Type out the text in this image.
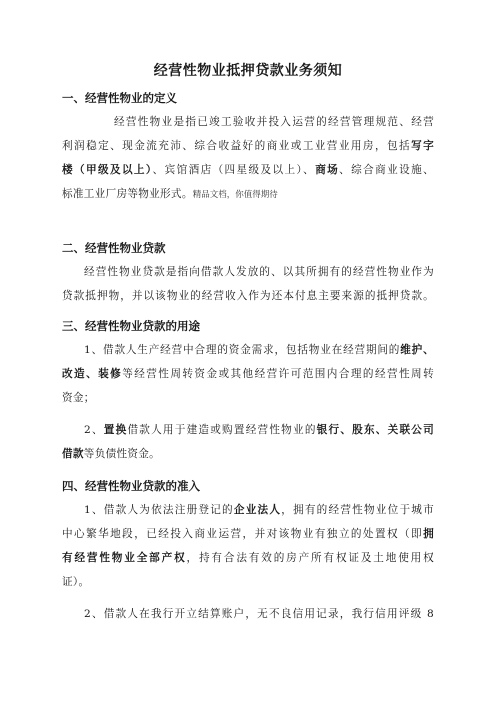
经营性物业抵押贷款业务须知
一、经营性物业的定义
经营性物业是指已竣工验收并投入运营的经营管理规范、经营
利润稳定、现金流充沛、综合收益好的商业或工业营业用房，包括写字
楼（甲级及以上）、宾馆酒店（四星级及以上）、商场、综合商业设施、
标准工业厂房等物业形式。精品文档，你值得期待
二、经营性物业贷款
经营性物业贷款是指向借款人发放的、以其所拥有的经营性物业作为
贷款抵押物，并以该物业的经营收入作为还本付息主要来源的抵押贷款。
三、经营性物业贷款的用途
1、借款人生产经营中合理的资金需求，包括物业在经营期间的维护、
改造、装修等经营性周转资金或其他经营许可范围内合理的经营性周转
资金；
2、置换借款人用于建造或购置经营性物业的银行、股东、关联公司
借款等负债性资金。
四、经营性物业贷款的准入
1、借款人为依法注册登记的企业法人，拥有的经营性物业位于城市
中心繁华地段，已经投入商业运营，并对该物业有独立的处置权（即拥
有经营性物业全部产权，持有合法有效的房产所有权证及土地使用权
证）。
2、借款人在我行开立结算账户，无不良信用记录，我行信用评级 8
